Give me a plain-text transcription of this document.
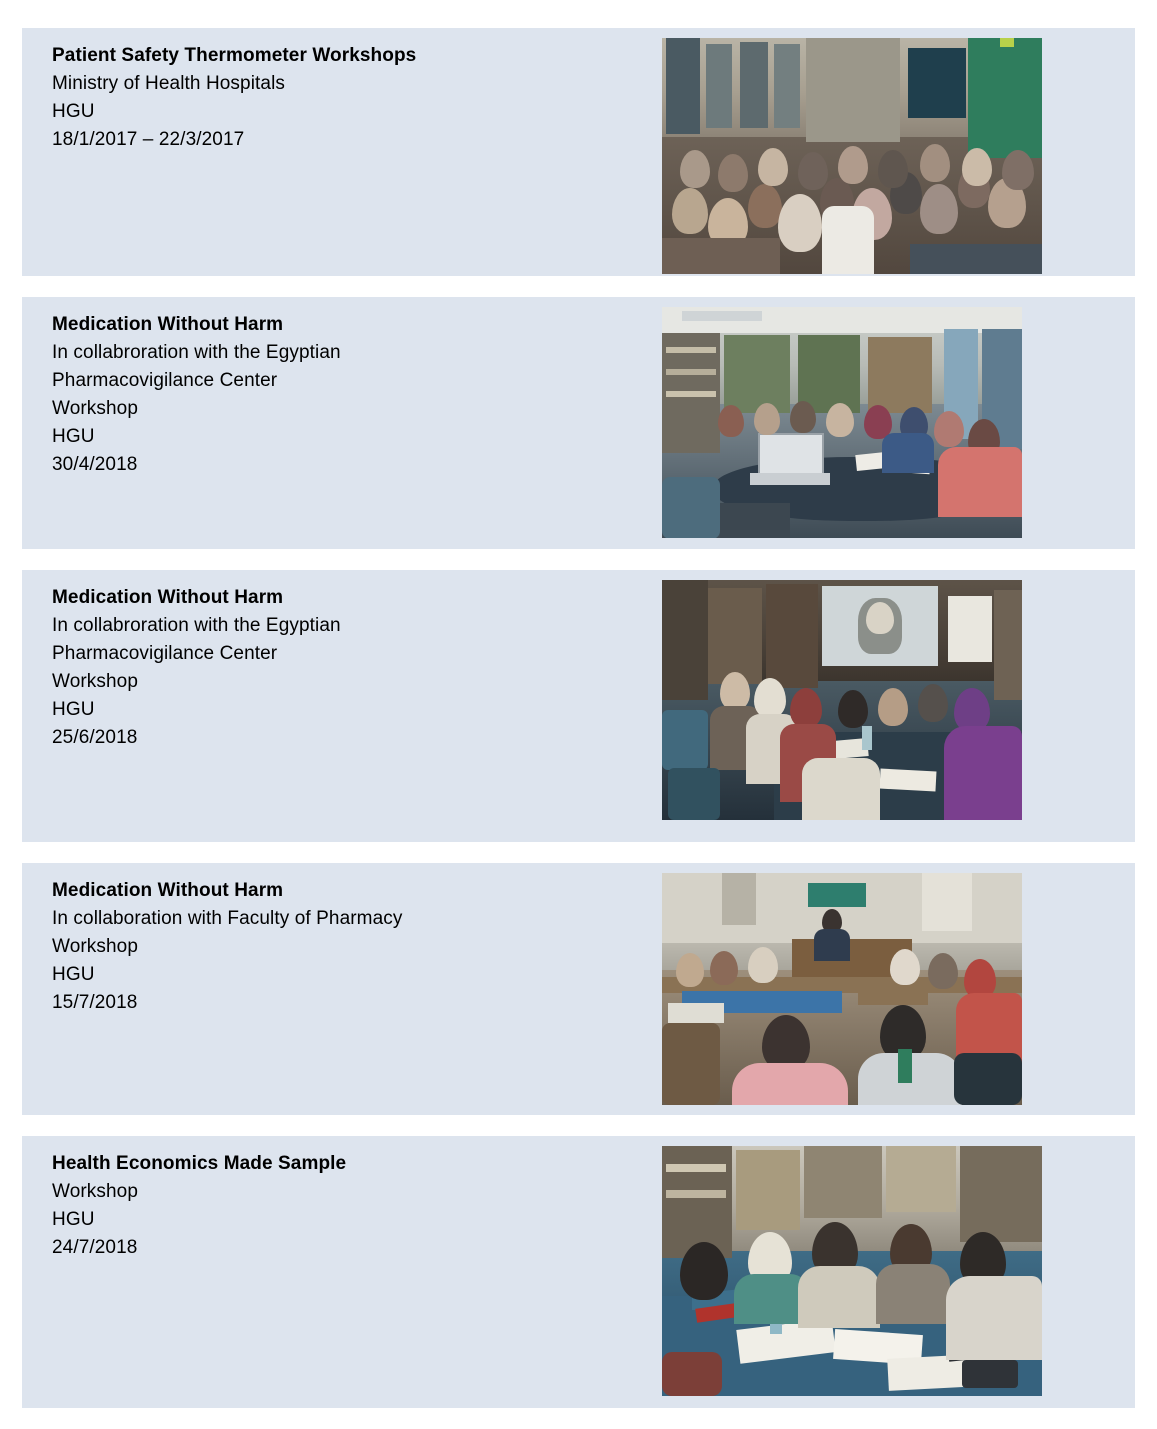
Patient Safety Thermometer Workshops
Ministry of Health Hospitals
HGU
18/1/2017 – 22/3/2017
Medication Without Harm
In collabroration with the Egyptian
Pharmacovigilance Center
Workshop
HGU
30/4/2018
Medication Without Harm
In collabroration with the Egyptian
Pharmacovigilance Center
Workshop
HGU
25/6/2018
Medication Without Harm
In collaboration with Faculty of Pharmacy
Workshop
HGU
15/7/2018
Health Economics Made Sample
Workshop
HGU
24/7/2018
